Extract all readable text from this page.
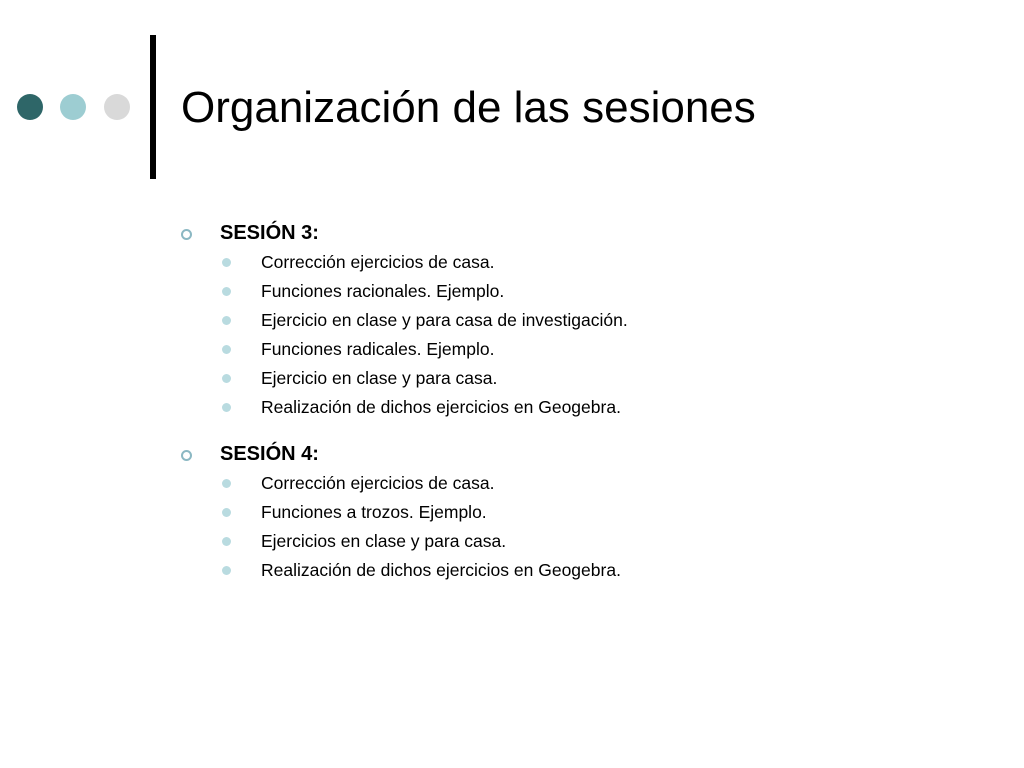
Organización de las sesiones
SESIÓN 3:
Corrección ejercicios de casa.
Funciones racionales. Ejemplo.
Ejercicio en clase y para casa de investigación.
Funciones radicales. Ejemplo.
Ejercicio en clase y para casa.
Realización de dichos ejercicios en Geogebra.
SESIÓN 4:
Corrección ejercicios de casa.
Funciones a trozos. Ejemplo.
Ejercicios en clase y para casa.
Realización de dichos ejercicios en Geogebra.
